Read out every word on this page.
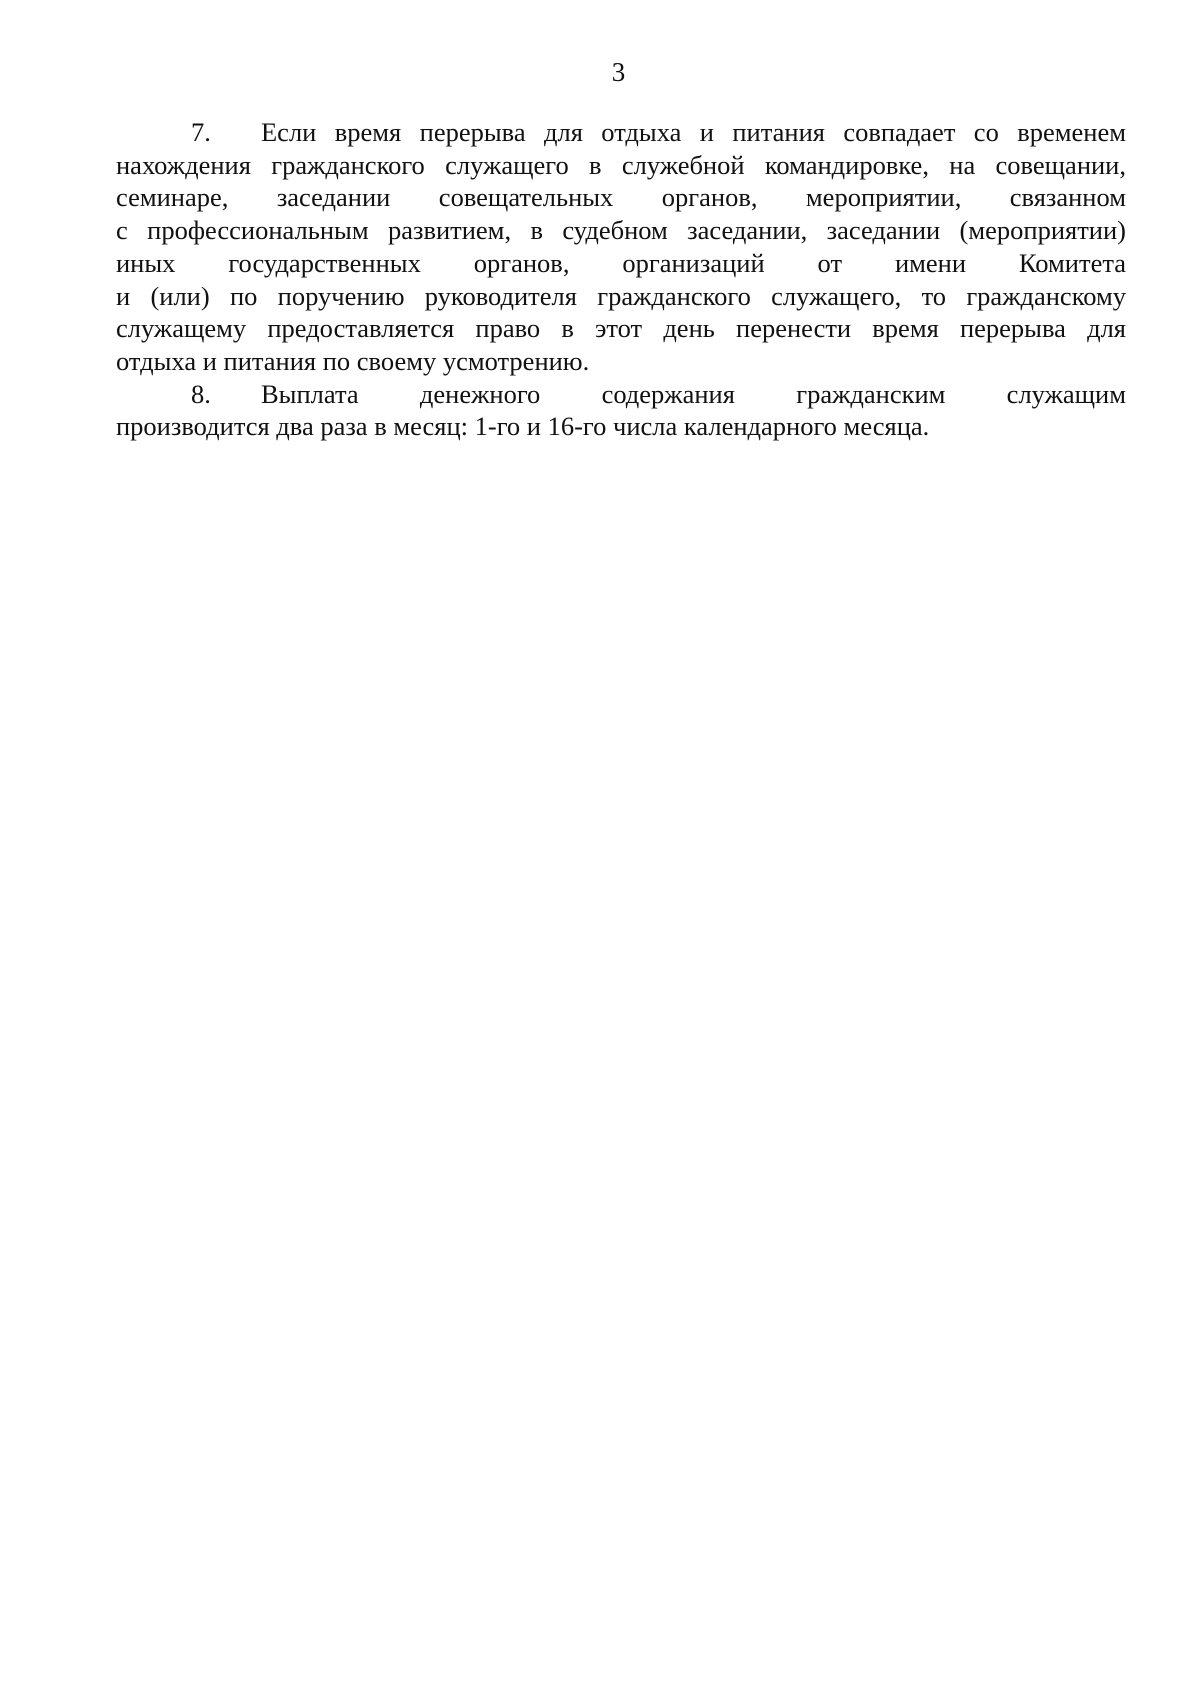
3
7. Если время перерыва для отдыха и питания совпадает со временем
нахождения гражданского служащего в служебной командировке, на совещании,
семинаре, заседании совещательных органов, мероприятии, связанном
с профессиональным развитием, в судебном заседании, заседании (мероприятии)
иных государственных органов, организаций от имени Комитета
и (или) по поручению руководителя гражданского служащего, то гражданскому
служащему предоставляется право в этот день перенести время перерыва для
отдыха и питания по своему усмотрению.
8. Выплата денежного содержания гражданским служащим
производится два раза в месяц: 1-го и 16-го числа календарного месяца.
